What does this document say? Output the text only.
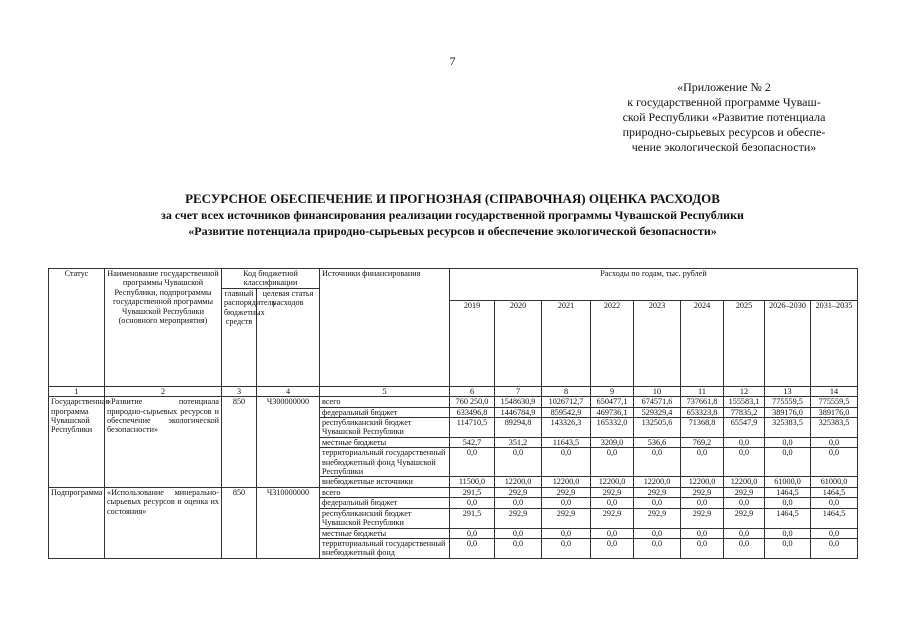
7
«Приложение № 2
к государственной программе Чуваш-
ской Республики «Развитие потенциала
природно-сырьевых ресурсов и обеспе-
чение экологической безопасности»
РЕСУРСНОЕ ОБЕСПЕЧЕНИЕ И ПРОГНОЗНАЯ (СПРАВОЧНАЯ) ОЦЕНКА РАСХОДОВ
за счет всех источников финансирования реализации государственной программы Чувашской Республики
«Развитие потенциала природно-сырьевых ресурсов и обеспечение экологической безопасности»
Статус	Наименование государственной программы Чувашской Республики, подпрограммы государственной программы Чувашской Республики (основного мероприятия)	Код бюджетной классификации		Источники финансирования	Расходы по годам, тыс. рублей								
		главный распорядитель бюджетных средств	целевая статья расходов										
					2019	2020	2021	2022	2023	2024	2025	2026–2030	2031–2035
1	2	3	4	5	6	7	8	9	10	11	12	13	14
Государственная программа Чувашской Республики	«Развитие потенциала природно-сырьевых ресурсов и обеспечение экологической безопасности»	850	Ч300000000	всего	760 250,0	1548630,9	1026712,7	650477,1	674571,6	737661,8	155583,1	775559,5	775559,5
				федеральный бюджет	633496,8	1446784,9	859542,9	469736,1	529329,4	653323,8	77835,2	389176,0	389176,0
				республиканский бюджет Чувашской Республики	114710,5	89294,8	143326,3	165332,0	132505,6	71368,8	65547,9	325383,5	325383,5
				местные бюджеты	542,7	351,2	11643,5	3209,0	536,6	769,2	0,0	0,0	0,0
				территориальный государственный внебюджетный фонд Чувашской Республики	0,0	0,0	0,0	0,0	0,0	0,0	0,0	0,0	0,0
				внебюджетные источники	11500,0	12200,0	12200,0	12200,0	12200,0	12200,0	12200,0	61000,0	61000,0
Подпрограмма	«Использование минерально-сырьевых ресурсов и оценка их состояния»	850	Ч310000000	всего	291,5	292,9	292,9	292,9	292,9	292,9	292,9	1464,5	1464,5
				федеральный бюджет	0,0	0,0	0,0	0,0	0,0	0,0	0,0	0,0	0,0
				республиканский бюджет Чувашской Республики	291,5	292,9	292,9	292,9	292,9	292,9	292,9	1464,5	1464,5
				местные бюджеты	0,0	0,0	0,0	0,0	0,0	0,0	0,0	0,0	0,0
				территориальный государственный внебюджетный фонд	0,0	0,0	0,0	0,0	0,0	0,0	0,0	0,0	0,0
